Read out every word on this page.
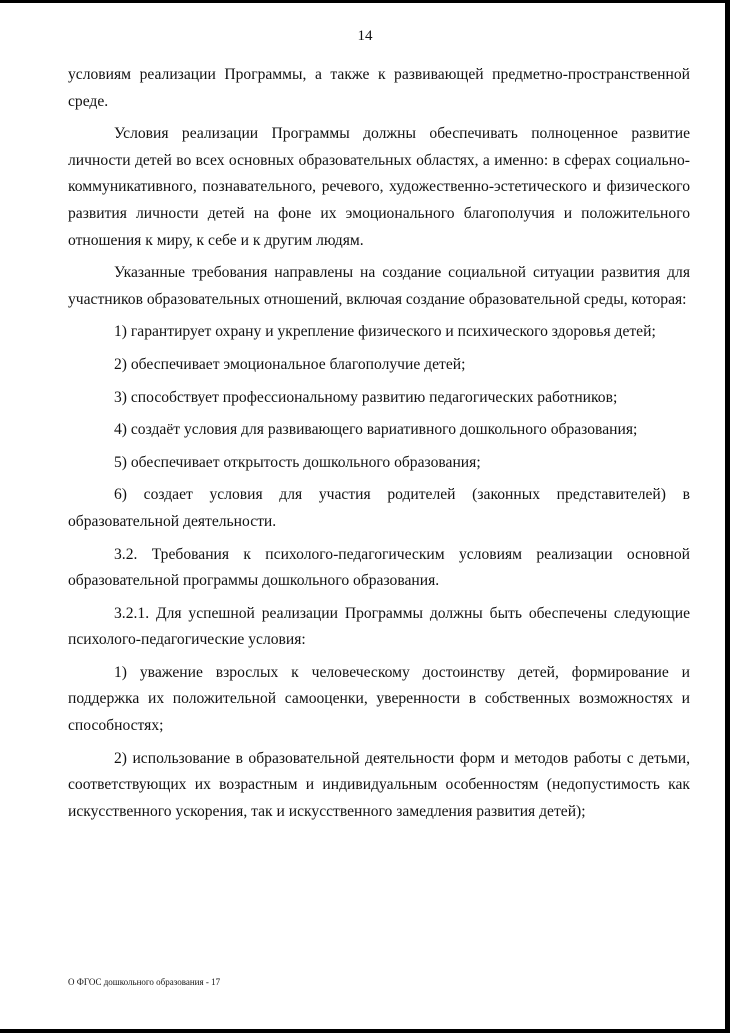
14

условиям реализации Программы, а также к развивающей предметно-пространственной среде.

Условия реализации Программы должны обеспечивать полноценное развитие личности детей во всех основных образовательных областях, а именно: в сферах социально-коммуникативного, познавательного, речевого, художественно-эстетического и физического развития личности детей на фоне их эмоционального благополучия и положительного отношения к миру, к себе и к другим людям.

Указанные требования направлены на создание социальной ситуации развития для участников образовательных отношений, включая создание образовательной среды, которая:

1) гарантирует охрану и укрепление физического и психического здоровья детей;

2) обеспечивает эмоциональное благополучие детей;

3) способствует профессиональному развитию педагогических работников;

4) создаёт условия для развивающего вариативного дошкольного образования;

5) обеспечивает открытость дошкольного образования;

6) создает условия для участия родителей (законных представителей) в образовательной деятельности.

3.2. Требования к психолого-педагогическим условиям реализации основной образовательной программы дошкольного образования.

3.2.1. Для успешной реализации Программы должны быть обеспечены следующие психолого-педагогические условия:

1) уважение взрослых к человеческому достоинству детей, формирование и поддержка их положительной самооценки, уверенности в собственных возможностях и способностях;

2) использование в образовательной деятельности форм и методов работы с детьми, соответствующих их возрастным и индивидуальным особенностям (недопустимость как искусственного ускорения, так и искусственного замедления развития детей);

О ФГОС дошкольного образования - 17
